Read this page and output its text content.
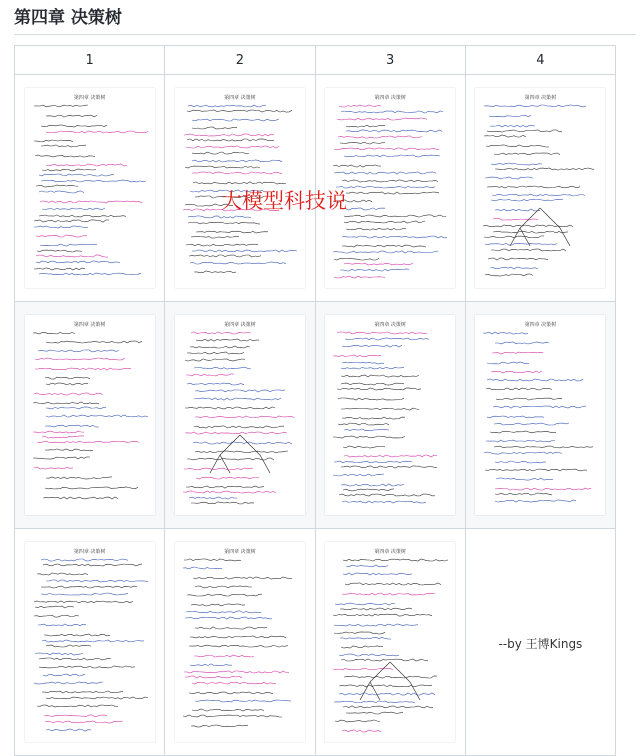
第四章 决策树
1	2	3	4

第四章 决策树	第四章 决策树	第四章 决策树	第四章 决策树

第四章 决策树	第四章 决策树	第四章 决策树	第四章 决策树

第四章 决策树	第四章 决策树	第四章 决策树	--by 王博Kings
大模型科技说
